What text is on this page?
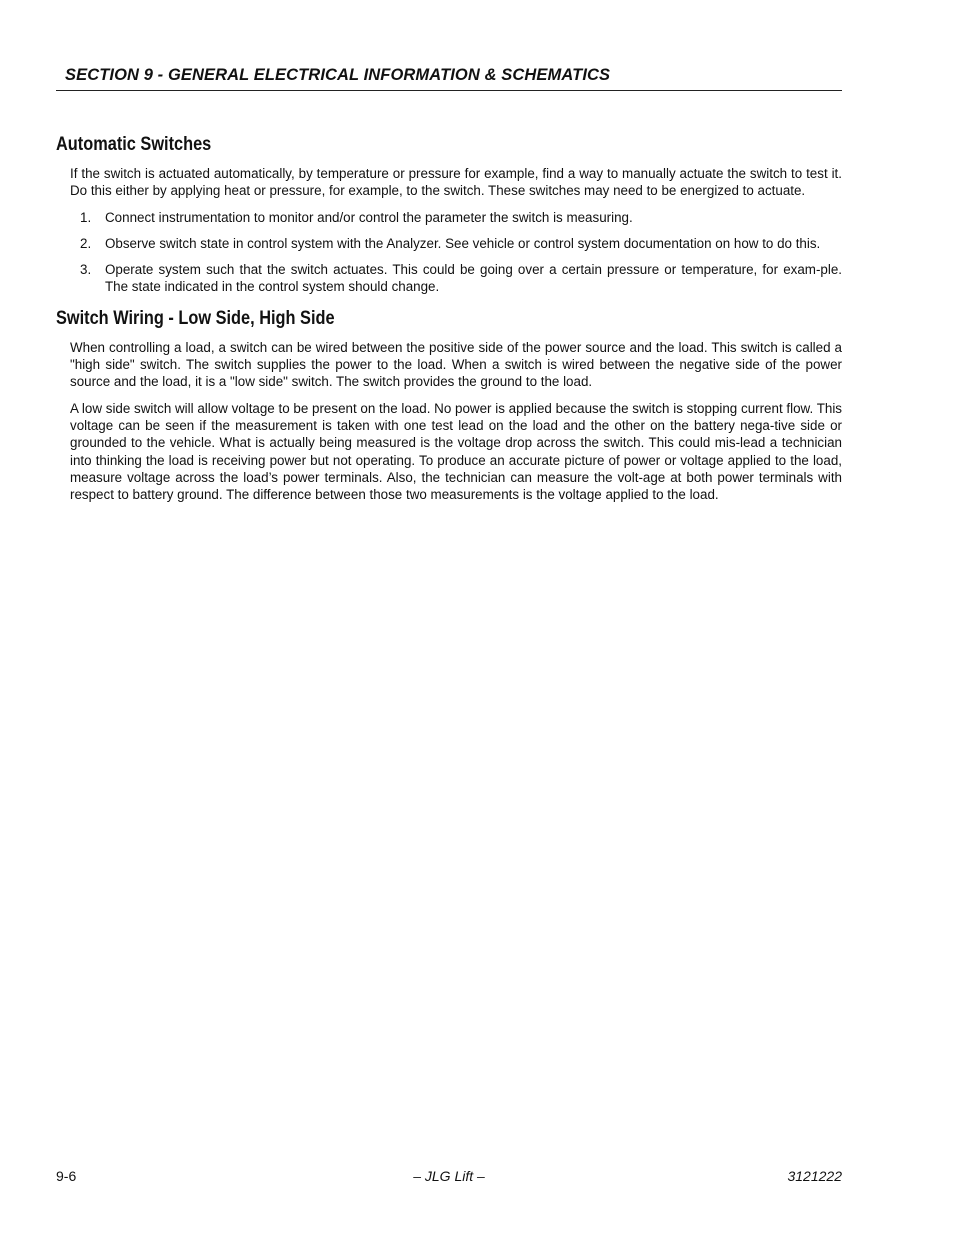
SECTION 9 - GENERAL ELECTRICAL INFORMATION & SCHEMATICS
Automatic Switches

If the switch is actuated automatically, by temperature or pressure for example, find a way to manually actuate the switch to test it. Do this either by applying heat or pressure, for example, to the switch. These switches may need to be energized to actuate.

1. Connect instrumentation to monitor and/or control the parameter the switch is measuring.
2. Observe switch state in control system with the Analyzer. See vehicle or control system documentation on how to do this.
3. Operate system such that the switch actuates. This could be going over a certain pressure or temperature, for exam-ple. The state indicated in the control system should change.
Switch Wiring - Low Side, High Side

When controlling a load, a switch can be wired between the positive side of the power source and the load. This switch is called a "high side" switch. The switch supplies the power to the load. When a switch is wired between the negative side of the power source and the load, it is a "low side" switch. The switch provides the ground to the load.

A low side switch will allow voltage to be present on the load. No power is applied because the switch is stopping current flow. This voltage can be seen if the measurement is taken with one test lead on the load and the other on the battery nega-tive side or grounded to the vehicle. What is actually being measured is the voltage drop across the switch. This could mis-lead a technician into thinking the load is receiving power but not operating. To produce an accurate picture of power or voltage applied to the load, measure voltage across the load’s power terminals. Also, the technician can measure the volt-age at both power terminals with respect to battery ground. The difference between those two measurements is the voltage applied to the load.

9-6	– JLG Lift –	3121222
